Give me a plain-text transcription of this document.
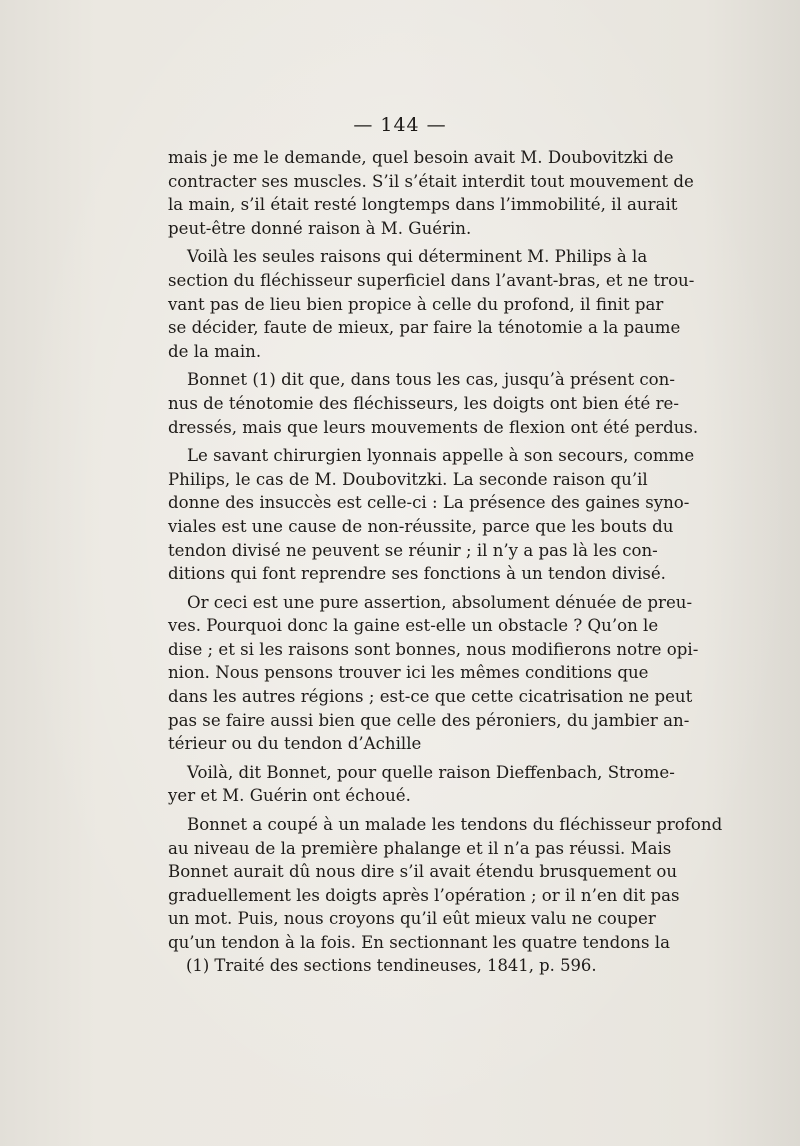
— 144 —

mais je me le demande, quel besoin avait M. Doubovitzki de
contracter ses muscles. S’il s’était interdit tout mouvement de
la main, s’il était resté longtemps dans l’immobilité, il aurait
peut-être donné raison à M. Guérin.

Voilà les seules raisons qui déterminent M. Philips à la
section du fléchisseur superficiel dans l’avant-bras, et ne trou-
vant pas de lieu bien propice à celle du profond, il finit par
se décider, faute de mieux, par faire la ténotomie a la paume
de la main.

Bonnet (1) dit que, dans tous les cas, jusqu’à présent con-
nus de ténotomie des fléchisseurs, les doigts ont bien été re-
dressés, mais que leurs mouvements de flexion ont été perdus.

Le savant chirurgien lyonnais appelle à son secours, comme
Philips, le cas de M. Doubovitzki. La seconde raison qu’il
donne des insuccès est celle-ci : La présence des gaines syno-
viales est une cause de non-réussite, parce que les bouts du
tendon divisé ne peuvent se réunir ; il n’y a pas là les con-
ditions qui font reprendre ses fonctions à un tendon divisé.

Or ceci est une pure assertion, absolument dénuée de preu-
ves. Pourquoi donc la gaine est-elle un obstacle ? Qu’on le
dise ; et si les raisons sont bonnes, nous modifierons notre opi-
nion. Nous pensons trouver ici les mêmes conditions que
dans les autres régions ; est-ce que cette cicatrisation ne peut
pas se faire aussi bien que celle des péroniers, du jambier an-
térieur ou du tendon d’Achille

Voilà, dit Bonnet, pour quelle raison Dieffenbach, Strome-
yer et M. Guérin ont échoué.

Bonnet a coupé à un malade les tendons du fléchisseur profond
au niveau de la première phalange et il n’a pas réussi. Mais
Bonnet aurait dû nous dire s’il avait étendu brusquement ou
graduellement les doigts après l’opération ; or il n’en dit pas
un mot. Puis, nous croyons qu’il eût mieux valu ne couper
qu’un tendon à la fois. En sectionnant les quatre tendons la

(1) Traité des sections tendineuses, 1841, p. 596.
